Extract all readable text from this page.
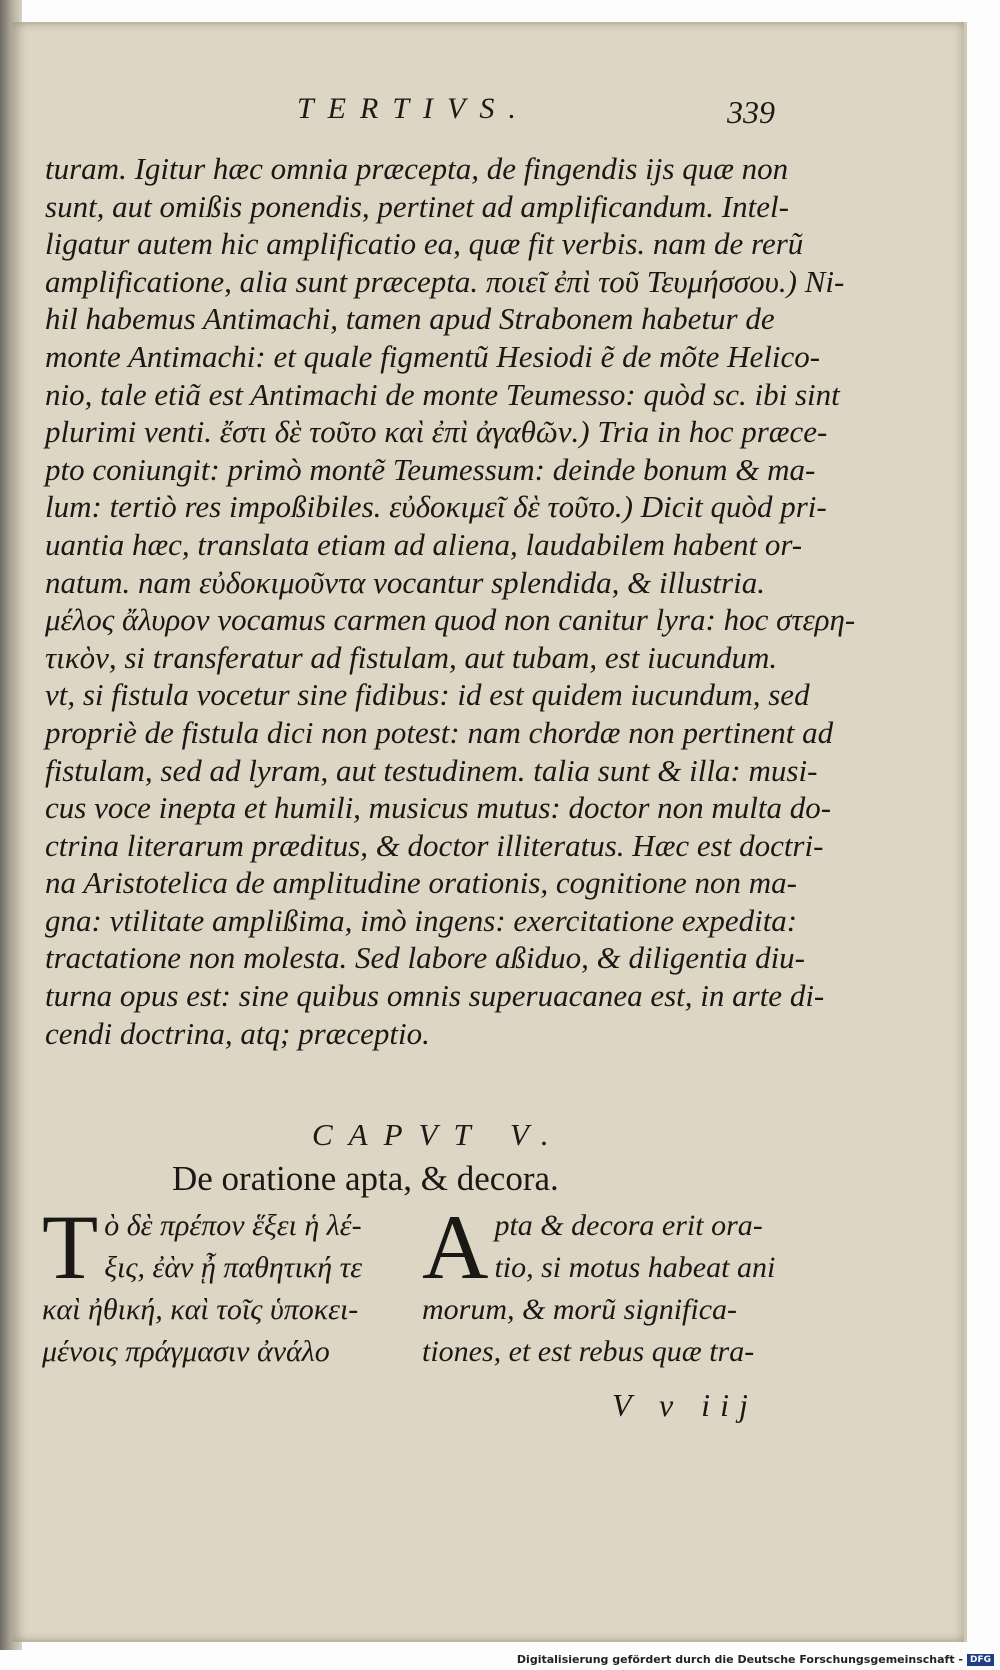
TERTIVS.	339
turam. Igitur hæc omnia præcepta, de fingendis ijs quæ non
sunt, aut omißis ponendis, pertinet ad amplificandum. Intel-
ligatur autem hic amplificatio ea, quæ fit verbis. nam de rerũ
amplificatione, alia sunt præcepta. ποιεῖ ἐπὶ τοῦ Τευμήσσου.) Ni-
hil habemus Antimachi, tamen apud Strabonem habetur de
monte Antimachi: et quale figmentũ Hesiodi ẽ de mõte Helico-
nio, tale etiã est Antimachi de monte Teumesso: quòd sc. ibi sint
plurimi venti. ἔστι δὲ τοῦτο καὶ ἐπὶ ἀγαθῶν.) Tria in hoc præce-
pto coniungit: primò montẽ Teumessum: deinde bonum & ma-
lum: tertiò res impoßibiles. εὐδοκιμεῖ δὲ τοῦτο.) Dicit quòd pri-
uantia hæc, translata etiam ad aliena, laudabilem habent or-
natum. nam εὐδοκιμοῦντα vocantur splendida, & illustria.
μέλος ἄλυρον vocamus carmen quod non canitur lyra: hoc στερη-
τικὸν, si transferatur ad fistulam, aut tubam, est iucundum.
vt, si fistula vocetur sine fidibus: id est quidem iucundum, sed
propriè de fistula dici non potest: nam chordæ non pertinent ad
fistulam, sed ad lyram, aut testudinem. talia sunt & illa: musi-
cus voce inepta et humili, musicus mutus: doctor non multa do-
ctrina literarum præditus, & doctor illiteratus. Hæc est doctri-
na Aristotelica de amplitudine orationis, cognitione non ma-
gna: vtilitate amplißima, imò ingens: exercitatione expedita:
tractatione non molesta. Sed labore aßiduo, & diligentia diu-
turna opus est: sine quibus omnis superuacanea est, in arte di-
cendi doctrina, atq; præceptio.
CAPVT V.
De oratione apta, & decora.
T ὸ δὲ πρέπον ἕξει ἡ λέ-
ξις, ἐὰν ᾖ παθητική τε
καὶ ἠθική, καὶ τοῖς ὑποκει-
μένοις πράγμασιν ἀνάλο
A pta & decora erit ora-
tio, si motus habeat ani
morum, & morũ significa-
tiones, et est rebus quæ tra-
V v iij
Digitalisierung gefördert durch die Deutsche Forschungsgemeinschaft - DFG
